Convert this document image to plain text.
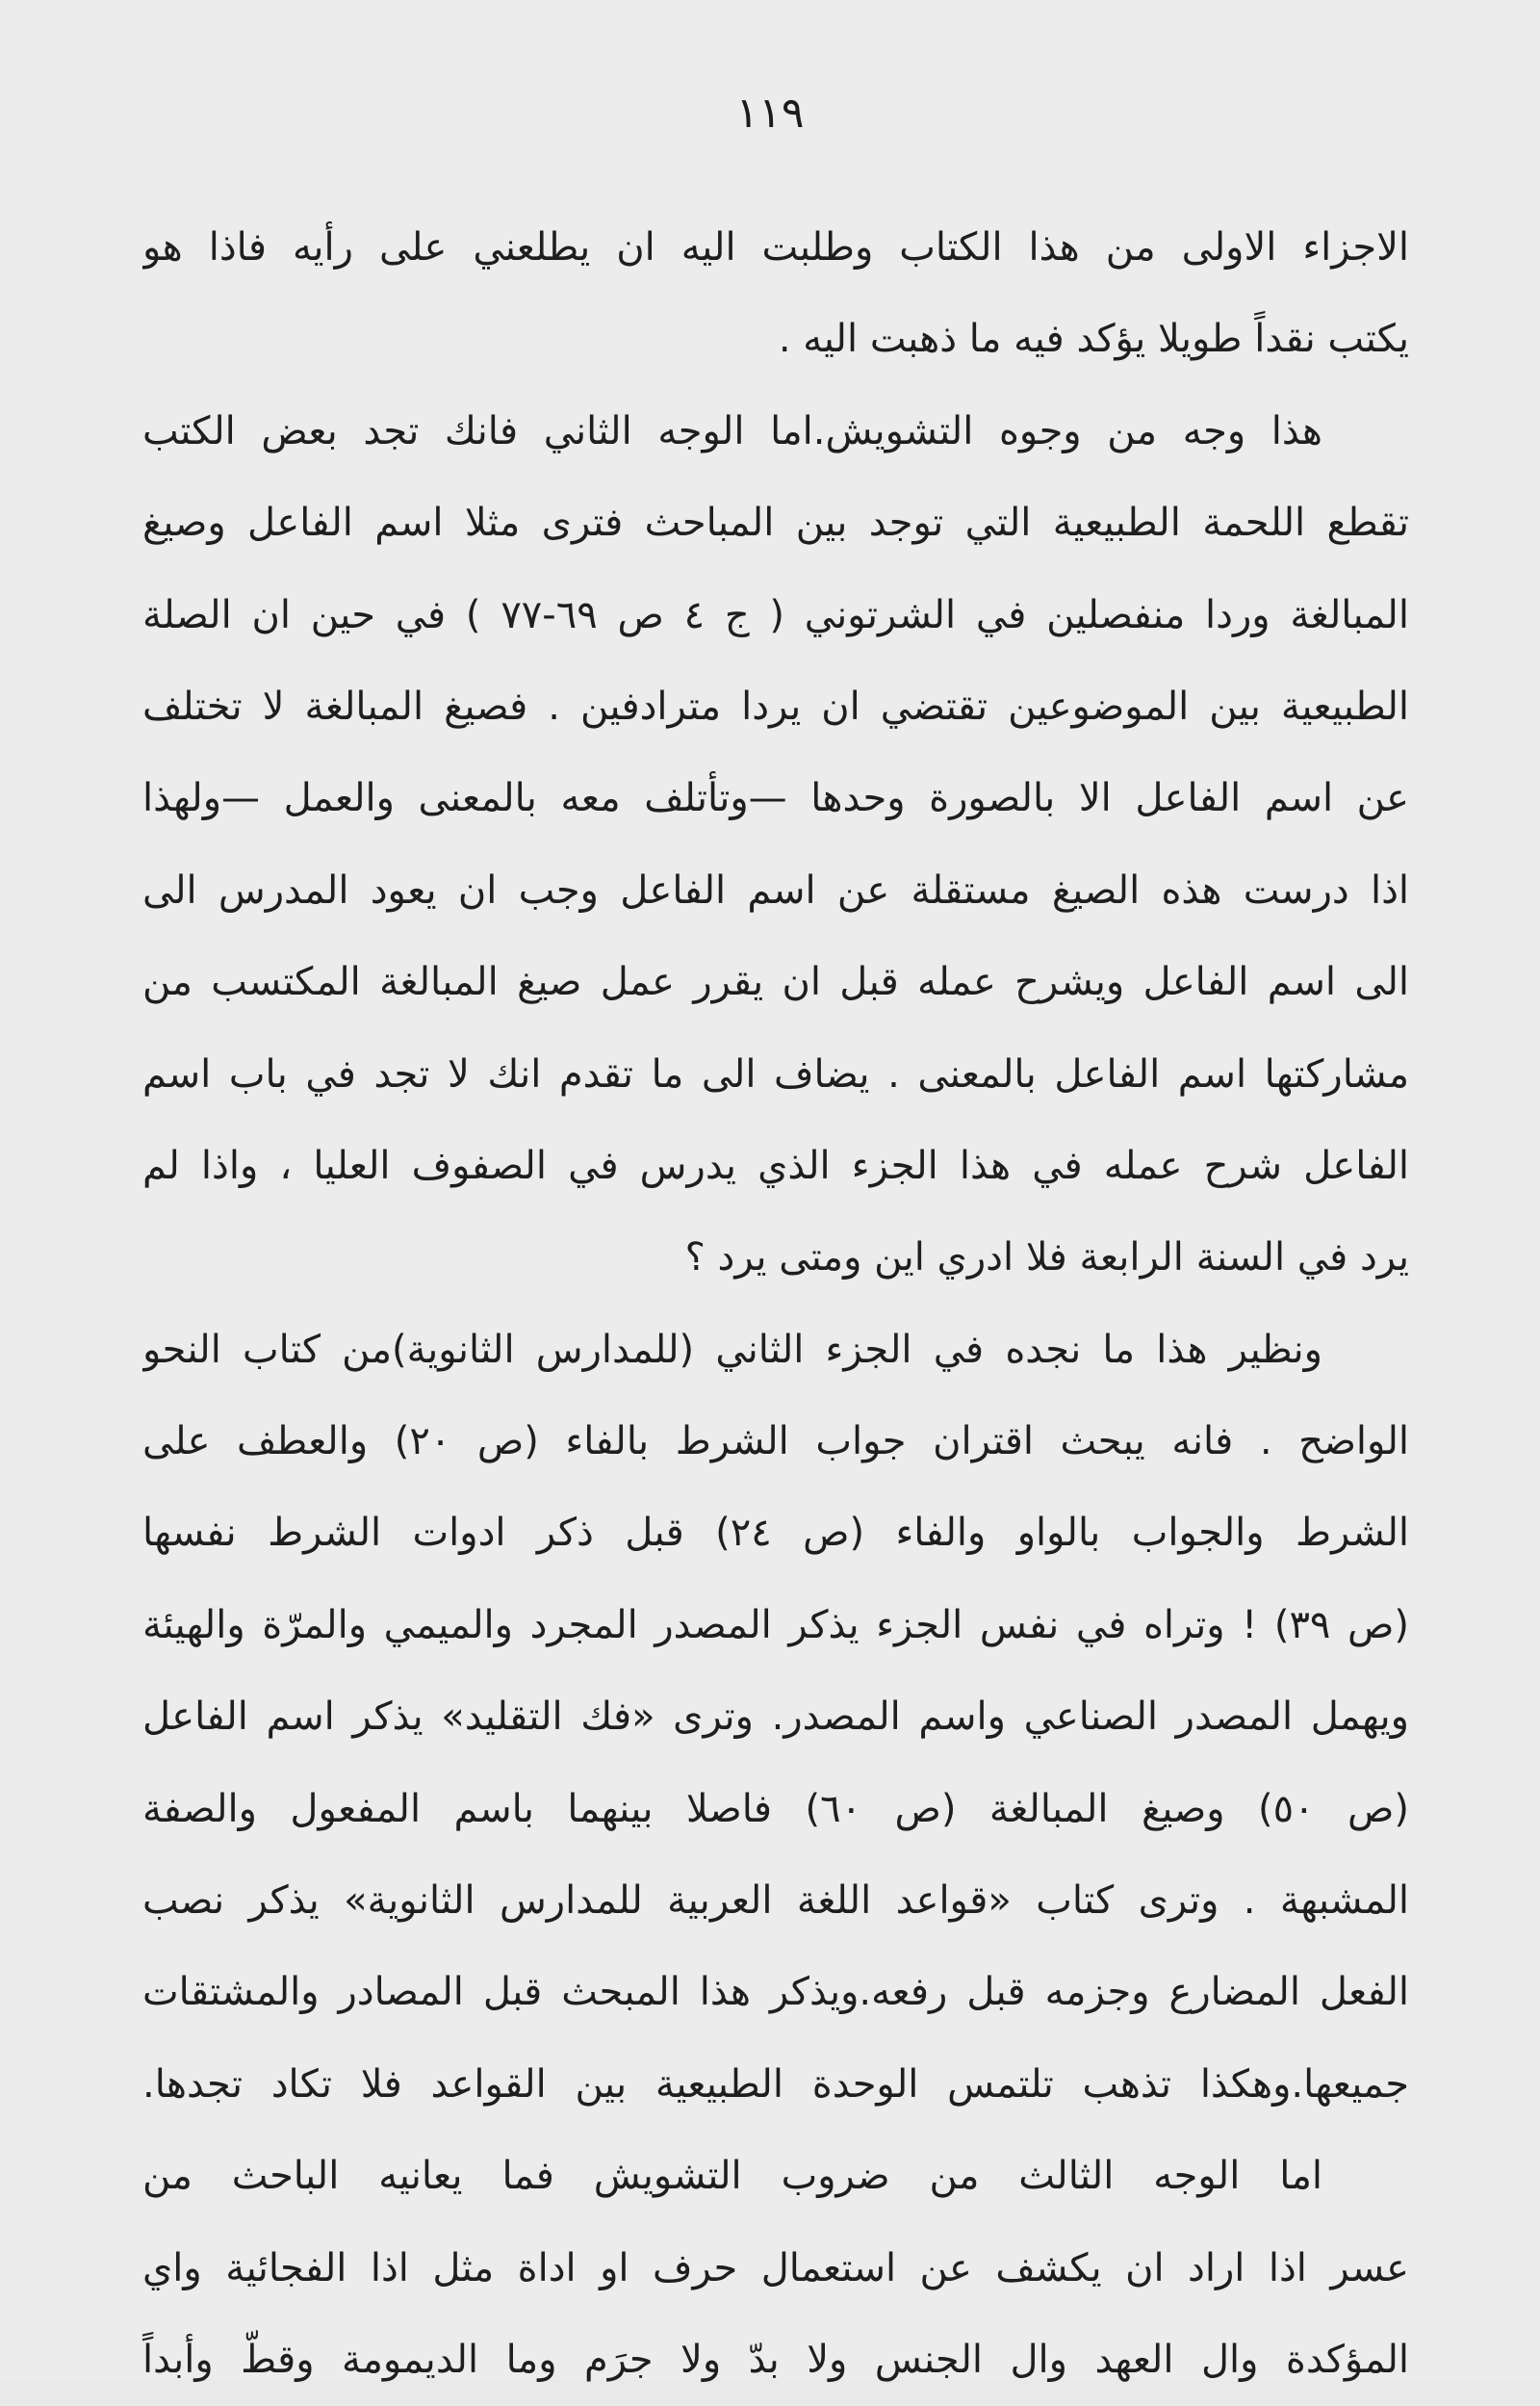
١١٩
الاجزاء الاولى من هذا الكتاب وطلبت اليه ان يطلعني على رأيه فاذا هو
يكتب نقداً طويلا يؤكد فيه ما ذهبت اليه .
هذا وجه من وجوه التشويش.اما الوجه الثاني فانك تجد بعض الكتب
تقطع اللحمة الطبيعية التي توجد بين المباحث فترى مثلا اسم الفاعل وصيغ
المبالغة وردا منفصلين في الشرتوني ( ج ٤ ص ٦٩-٧٧ ) في حين ان الصلة
الطبيعية بين الموضوعين تقتضي ان يردا مترادفين . فصيغ المبالغة لا تختلف
عن اسم الفاعل الا بالصورة وحدها —وتأتلف معه بالمعنى والعمل —ولهذا
اذا درست هذه الصيغ مستقلة عن اسم الفاعل وجب ان يعود المدرس الى
الى اسم الفاعل ويشرح عمله قبل ان يقرر عمل صيغ المبالغة المكتسب من
مشاركتها اسم الفاعل بالمعنى . يضاف الى ما تقدم انك لا تجد في باب اسم
الفاعل شرح عمله في هذا الجزء الذي يدرس في الصفوف العليا ، واذا لم
يرد في السنة الرابعة فلا ادري اين ومتى يرد ؟
ونظير هذا ما نجده في الجزء الثاني (للمدارس الثانوية)من كتاب النحو
الواضح . فانه يبحث اقتران جواب الشرط بالفاء (ص ٢٠) والعطف على
الشرط والجواب بالواو والفاء (ص ٢٤) قبل ذكر ادوات الشرط نفسها
(ص ٣٩) ! وتراه في نفس الجزء يذكر المصدر المجرد والميمي والمرّة والهيئة
ويهمل المصدر الصناعي واسم المصدر. وترى «فك التقليد» يذكر اسم الفاعل
(ص ٥٠) وصيغ المبالغة (ص ٦٠) فاصلا بينهما باسم المفعول والصفة
المشبهة . وترى كتاب «قواعد اللغة العربية للمدارس الثانوية» يذكر نصب
الفعل المضارع وجزمه قبل رفعه.ويذكر هذا المبحث قبل المصادر والمشتقات
جميعها.وهكذا تذهب تلتمس الوحدة الطبيعية بين القواعد فلا تكاد تجدها.
اما الوجه الثالث من ضروب التشويش فما يعانيه الباحث من
عسر اذا اراد ان يكشف عن استعمال حرف او اداة مثل اذا الفجائية واي
المؤكدة وال العهد وال الجنس ولا بدّ ولا جرَم وما الديمومة وقطّ وأبداً
